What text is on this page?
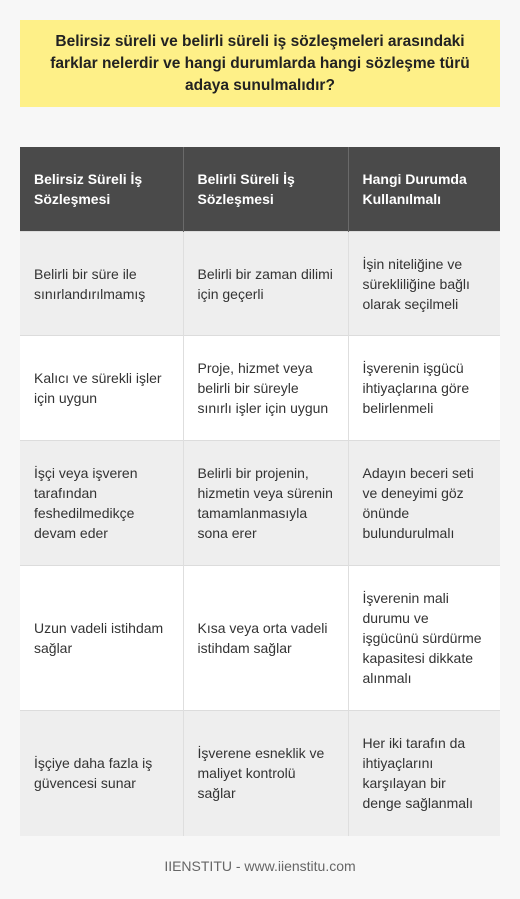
Belirsiz süreli ve belirli süreli iş sözleşmeleri arasındaki farklar nelerdir ve hangi durumlarda hangi sözleşme türü adaya sunulmalıdır?
Belirsiz Süreli İş Sözleşmesi	Belirli Süreli İş Sözleşmesi	Hangi Durumda Kullanılmalı
Belirli bir süre ile sınırlandırılmamış	Belirli bir zaman dilimi için geçerli	İşin niteliğine ve sürekliliğine bağlı olarak seçilmeli
Kalıcı ve sürekli işler için uygun	Proje, hizmet veya belirli bir süreyle sınırlı işler için uygun	İşverenin işgücü ihtiyaçlarına göre belirlenmeli
İşçi veya işveren tarafından feshedilmedikçe devam eder	Belirli bir projenin, hizmetin veya sürenin tamamlanmasıyla sona erer	Adayın beceri seti ve deneyimi göz önünde bulundurulmalı
Uzun vadeli istihdam sağlar	Kısa veya orta vadeli istihdam sağlar	İşverenin mali durumu ve işgücünü sürdürme kapasitesi dikkate alınmalı
İşçiye daha fazla iş güvencesi sunar	İşverene esneklik ve maliyet kontrolü sağlar	Her iki tarafın da ihtiyaçlarını karşılayan bir denge sağlanmalı
IIENSTITU - www.iienstitu.com
